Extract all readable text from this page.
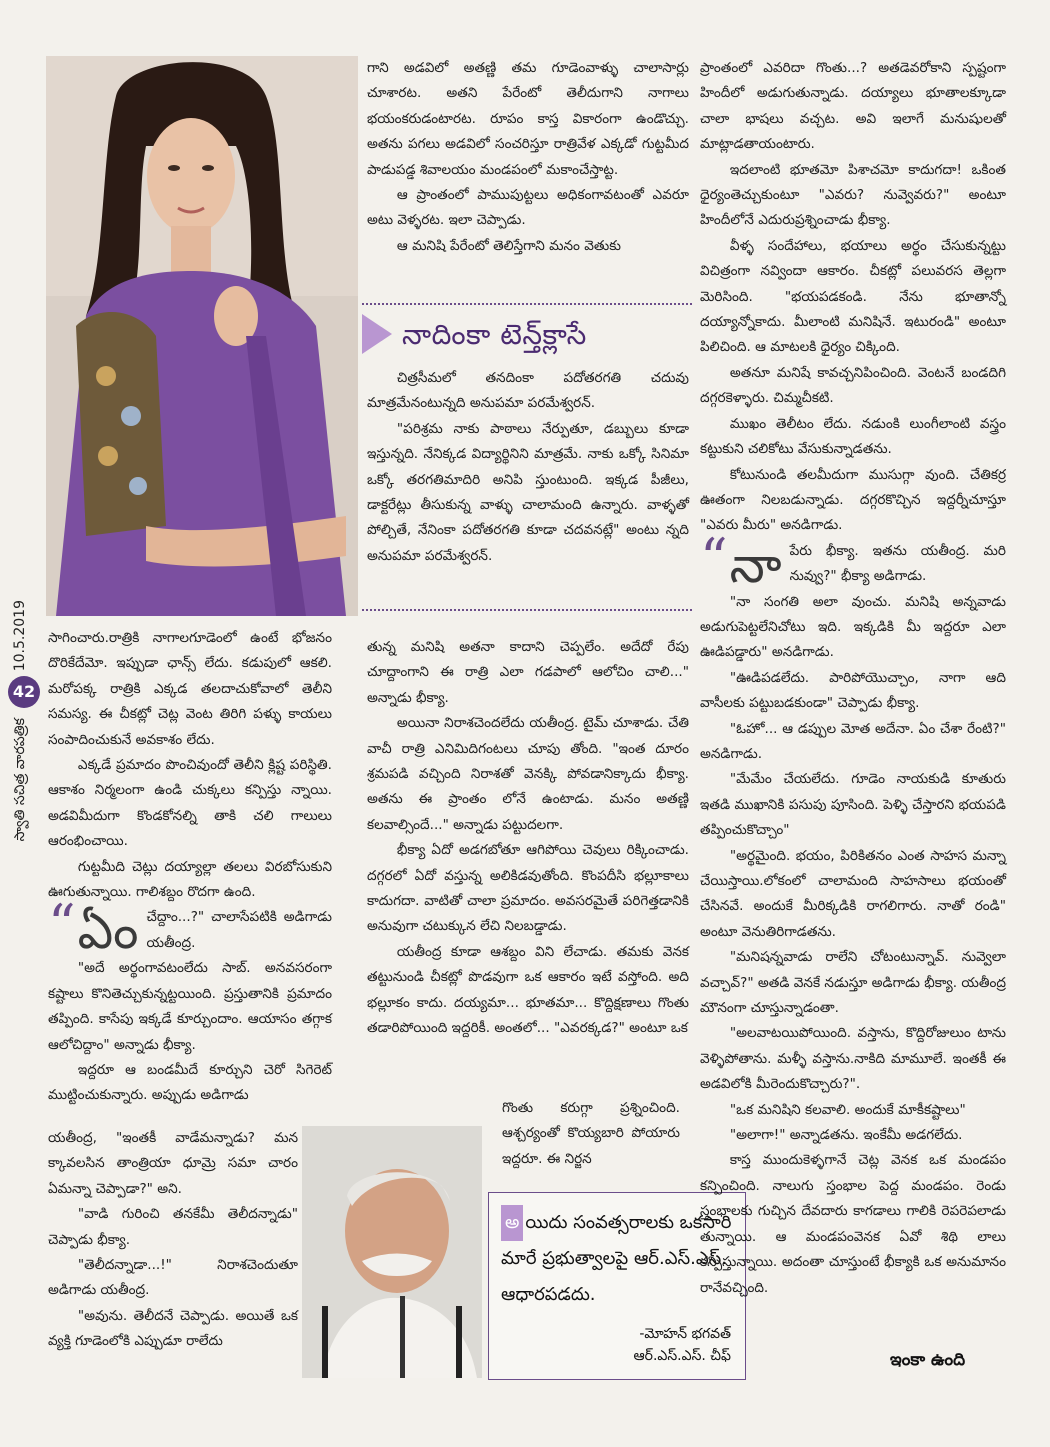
10.5.2019
స్వాతి సచిత్ర వారపత్రిక
42

సాగించారు.రాత్రికి నాగాలగూడెంలో ఉంటే భోజనం దొరికేదేమో. ఇప్పుడా ఛాన్స్ లేదు. కడుపులో ఆకలి. మరోపక్క రాత్రికి ఎక్కడ తలదాచుకోవాలో తెలీని సమస్య. ఈ చీకట్లో చెట్ల వెంట తిరిగి పళ్ళు కాయలు సంపాదించుకునే అవకాశం లేదు.

ఎక్కడే ప్రమాదం పొంచివుందో తెలీని క్లిష్ట పరిస్థితి. ఆకాశం నిర్మలంగా ఉండి చుక్కలు కన్పిస్తు న్నాయి. అడవిమీదుగా కొండకోనల్ని తాకి చలి గాలులు ఆరంభించాయి.

గుట్టమీది చెట్లు దయ్యాల్లా తలలు విరబోసుకుని ఊగుతున్నాయి. గాలిశబ్దం రొదగా ఉంది.

“ ఏం చేద్దాం...?" చాలాసేపటికి అడిగాడు యతీంద్ర.

"అదే అర్థంగావటంలేదు సాబ్. అనవసరంగా కష్టాలు కొనితెచ్చుకున్నట్టయింది. ప్రస్తుతానికి ప్రమాదం తప్పింది. కాసేపు ఇక్కడే కూర్చుందాం. ఆయాసం తగ్గాక ఆలోచిద్దాం" అన్నాడు భీక్యా.

ఇద్దరూ ఆ బండమీదే కూర్చుని చెరో సిగెరెట్ ముట్టించుకున్నారు. అప్పుడు అడిగాడు

యతీంద్ర, "ఇంతకీ వాడేమన్నాడు? మన క్కావలసిన తాంత్రియా ధూమ్రె సమా చారం ఏమన్నా చెప్పాడా?" అని.

"వాడి గురించి తనకేమీ తెలీదన్నాడు" చెప్పాడు భీక్యా.

"తెలీదన్నాడా...!" నిరాశచెందుతూ అడిగాడు యతీంద్ర.

"అవును. తెలీదనే చెప్పాడు. అయితే ఒక వ్యక్తి గూడెంలోకి ఎప్పుడూ రాలేదు

గాని అడవిలో అతణ్ణి తమ గూడెంవాళ్ళు చాలాసార్లు చూశారట. అతని పేరేంటో తెలీదుగాని నాగాలు భయంకరుడంటారట. రూపం కాస్త వికారంగా ఉండొచ్చు. అతను పగలు అడవిలో సంచరిస్తూ రాత్రివేళ ఎక్కడో గుట్టమీద పాడుపడ్డ శివాలయం మండపంలో మకాంచేస్తాట్ట.

ఆ ప్రాంతంలో పాముపుట్టలు అధికంగావటంతో ఎవరూ అటు వెళ్ళరట. ఇలా చెప్పాడు.

ఆ మనిషి పేరేంటో తెలిస్తేగాని మనం వెతుకు

నాదింకా టెన్త్‌క్లాసే

చిత్రసీమలో తనదింకా పదోతరగతి చదువు మాత్రమేనంటున్నది అనుపమా పరమేశ్వరన్.

"పరిశ్రమ నాకు పాఠాలు నేర్పుతూ, డబ్బులు కూడా ఇస్తున్నది. నేనిక్కడ విద్యార్థినిని మాత్రమే. నాకు ఒక్కో సినిమా ఒక్కో తరగతిమాదిరి అనిపి స్తుంటుంది. ఇక్కడ పీజీలు, డాక్టరేట్లు తీసుకున్న వాళ్ళు చాలామంది ఉన్నారు. వాళ్ళతో పోల్చితే, నేనింకా పదోతరగతి కూడా చదవనట్లే" అంటు న్నది అనుపమా పరమేశ్వరన్.

తున్న మనిషి అతనా కాదాని చెప్పలేం. అదేదో రేపు చూద్దాంగాని ఈ రాత్రి ఎలా గడపాలో ఆలోచిం చాలి..." అన్నాడు భీక్యా.

అయినా నిరాశచెందలేదు యతీంద్ర. టైమ్ చూశాడు. చేతి వాచీ రాత్రి ఎనిమిదిగంటలు చూపు తోంది. "ఇంత దూరం శ్రమపడి వచ్చింది నిరాశతో వెనక్కి పోవడానిక్కాదు భీక్యా. అతను ఈ ప్రాంతం లోనే ఉంటాడు. మనం అతణ్ణి కలవాల్సిందే..." అన్నాడు పట్టుదలగా.

భీక్యా ఏదో అడగబోతూ ఆగిపోయి చెవులు రిక్కించాడు. దగ్గరలో ఏదో వస్తున్న అలికిడవుతోంది. కొంపదీసి భల్లూకాలు కాదుగదా. వాటితో చాలా ప్రమాదం. అవసరమైతే పరిగెత్తడానికి అనువుగా చటుక్కున లేచి నిలబడ్డాడు.

యతీంద్ర కూడా ఆశబ్దం విని లేచాడు. తమకు వెనక తట్టునుండి చీకట్లో పొడవుగా ఒక ఆకారం ఇటే వస్తోంది. అది భల్లూకం కాదు. దయ్యమా... భూతమా... కొద్దిక్షణాలు గొంతు తడారిపోయింది ఇద్దరికీ. అంతలో... "ఎవరక్కడ?" అంటూ ఒక

గొంతు కరుగ్గా ప్రశ్నించింది. ఆశ్చర్యంతో కొయ్యబారి పోయారు ఇద్దరూ. ఈ నిర్జన
అ యిదు సంవత్సరాలకు ఒకసారి మారే ప్రభుత్వాలపై ఆర్.ఎస్.ఎస్. ఆధారపడదు.
-మోహన్ భగవత్
ఆర్.ఎస్.ఎస్. చీఫ్

ప్రాంతంలో ఎవరిదా గొంతు...? అతడెవరోకాని స్పష్టంగా హిందీలో అడుగుతున్నాడు. దయ్యాలు భూతాలక్కూడా చాలా భాషలు వచ్చట. అవి ఇలాగే మనుషులతో మాట్లాడతాయంటారు.

ఇదలాంటి భూతమో పిశాచమో కాదుగదా! ఒకింత ధైర్యంతెచ్చుకుంటూ "ఎవరు? నువ్వెవరు?" అంటూ హిందీలోనే ఎదురుప్రశ్నించాడు భీక్యా.

వీళ్ళ సందేహాలు, భయాలు అర్థం చేసుకున్నట్టు విచిత్రంగా నవ్విందా ఆకారం. చీకట్లో పలువరస తెల్లగా మెరిసింది. "భయపడకండి. నేను భూతాన్నో దయ్యాన్నోకాదు. మీలాంటి మనిషినే. ఇటురండి" అంటూ పిలిచింది. ఆ మాటలకి ధైర్యం చిక్కింది.

అతనూ మనిషే కావచ్చనిపించింది. వెంటనే బండదిగి దగ్గరకెళ్ళారు. చిమ్మచీకటి.

ముఖం తెలీటం లేదు. నడుంకి లుంగీలాంటి వస్త్రం కట్టుకుని చలికోటు వేసుకున్నాడతను.

కోటునుండి తలమీదుగా ముసుగ్గా వుంది. చేతికర్ర ఊతంగా నిలబడున్నాడు. దగ్గరకొచ్చిన ఇద్దర్నీచూస్తూ "ఎవరు మీరు" అనడిగాడు.

“ నా పేరు భీక్యా. ఇతను యతీంద్ర. మరి నువ్వు?" భీక్యా అడిగాడు.

"నా సంగతి అలా వుంచు. మనిషి అన్నవాడు అడుగుపెట్టలేనిచోటు ఇది. ఇక్కడికి మీ ఇద్దరూ ఎలా ఊడిపడ్డారు" అనడిగాడు.

"ఊడిపడలేదు. పారిపోయొచ్చాం, నాగా ఆది వాసీలకు పట్టుబడకుండా" చెప్పాడు భీక్యా.

"ఓహో... ఆ డప్పుల మోత అదేనా. ఏం చేశా రేంటి?" అనడిగాడు.

"మేమేం చేయలేదు. గూడెం నాయకుడి కూతురు ఇతడి ముఖానికి పసుపు పూసింది. పెళ్ళి చేస్తారని భయపడి తప్పించుకొచ్చాం"

"అర్థమైంది. భయం, పిరికితనం ఎంత సాహస మన్నా చేయిస్తాయి.లోకంలో చాలామంది సాహసాలు భయంతో చేసినవే. అందుకే మీరిక్కడికి రాగలిగారు. నాతో రండి" అంటూ వెనుతిరిగాడతను.

"మనిషన్నవాడు రాలేని చోటంటున్నావ్. నువ్వెలా వచ్చావ్?" అతడి వెనకే నడుస్తూ అడిగాడు భీక్యా. యతీంద్ర మౌనంగా చూస్తున్నాడంతా.

"అలవాటయిపోయింది. వస్తాను, కొద్దిరోజులుం టాను వెళ్ళిపోతాను. మళ్ళీ వస్తాను.నాకిది మామూలే. ఇంతకీ ఈ అడవిలోకి మీరెందుకొచ్చారు?".

"ఒక మనిషిని కలవాలి. అందుకే మాకీకష్టాలు"

"అలాగా!" అన్నాడతను. ఇంకేమీ అడగలేదు.

కాస్త ముందుకెళ్ళగానే చెట్ల వెనక ఒక మండపం కన్పించింది. నాలుగు స్తంభాల పెద్ద మండపం. రెండు స్తంభాలకు గుచ్చిన దేవదారు కాగడాలు గాలికి రెపరెపలాడు తున్నాయి. ఆ మండపంవెనక ఏవో శిథి లాలు కన్పిస్తున్నాయి. అదంతా చూస్తుంటే భీక్యాకి ఒక అనుమానం రానేవచ్చింది.

ఇంకా ఉంది
